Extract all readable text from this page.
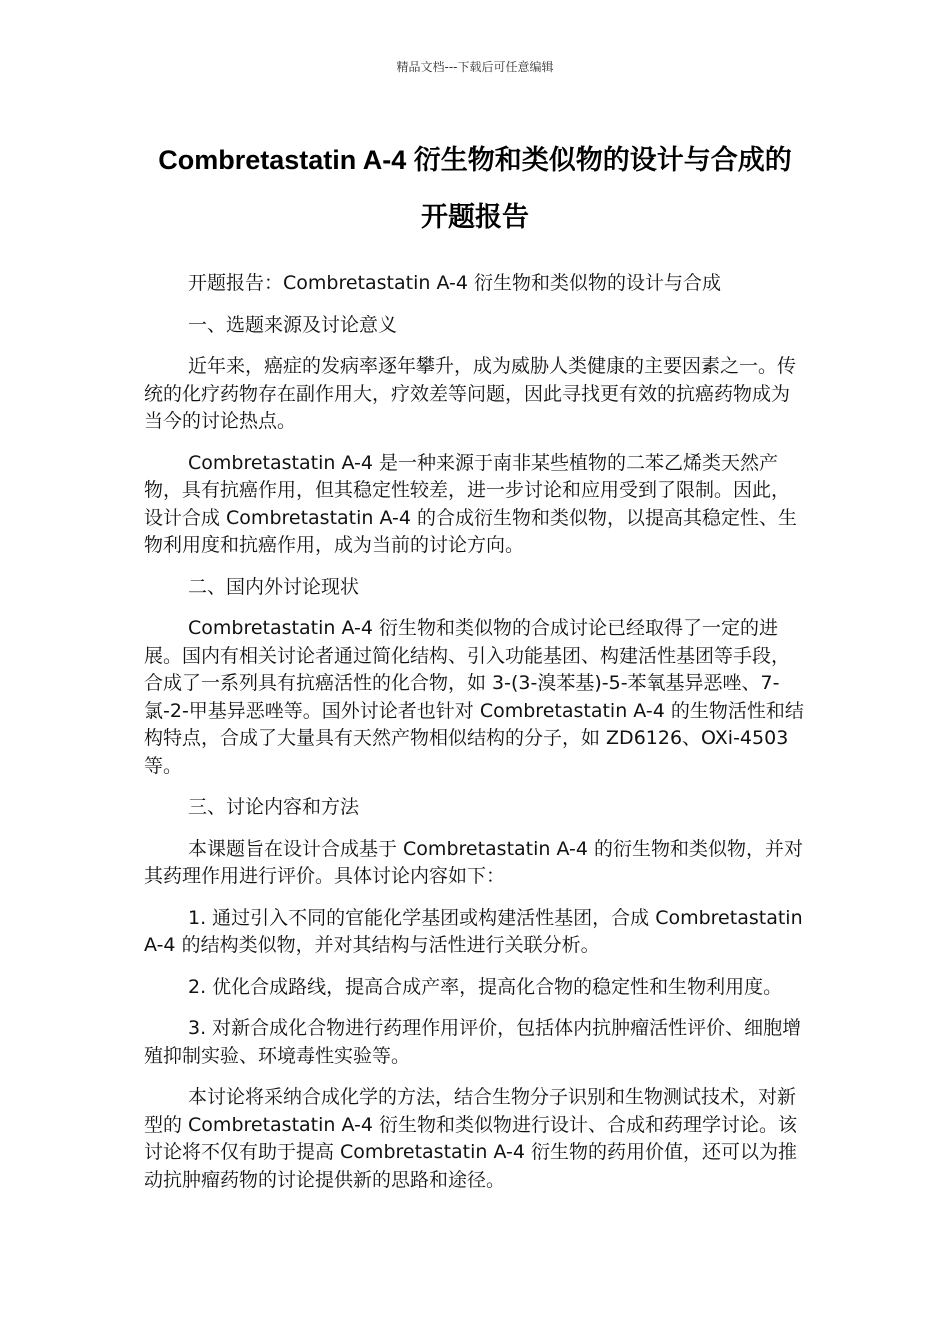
精品文档---下载后可任意编辑
Combretastatin A-4 衍生物和类似物的设计与合成的
开题报告

开题报告：Combretastatin A-4 衍生物和类似物的设计与合成

一、选题来源及讨论意义

近年来，癌症的发病率逐年攀升，成为威胁人类健康的主要因素之一。传统的化疗药物存在副作用大，疗效差等问题，因此寻找更有效的抗癌药物成为当今的讨论热点。

Combretastatin A-4 是一种来源于南非某些植物的二苯乙烯类天然产物，具有抗癌作用，但其稳定性较差，进一步讨论和应用受到了限制。因此，设计合成 Combretastatin A-4 的合成衍生物和类似物，以提高其稳定性、生物利用度和抗癌作用，成为当前的讨论方向。

二、国内外讨论现状

Combretastatin A-4 衍生物和类似物的合成讨论已经取得了一定的进展。国内有相关讨论者通过简化结构、引入功能基团、构建活性基团等手段，合成了一系列具有抗癌活性的化合物，如 3-(3-溴苯基)-5-苯氧基异恶唑、7-氯-2-甲基异恶唑等。国外讨论者也针对 Combretastatin A-4 的生物活性和结构特点，合成了大量具有天然产物相似结构的分子，如 ZD6126、OXi-4503 等。

三、讨论内容和方法

本课题旨在设计合成基于 Combretastatin A-4 的衍生物和类似物，并对其药理作用进行评价。具体讨论内容如下：

1. 通过引入不同的官能化学基团或构建活性基团，合成 Combretastatin A-4 的结构类似物，并对其结构与活性进行关联分析。

2. 优化合成路线，提高合成产率，提高化合物的稳定性和生物利用度。

3. 对新合成化合物进行药理作用评价，包括体内抗肿瘤活性评价、细胞增殖抑制实验、环境毒性实验等。

本讨论将采纳合成化学的方法，结合生物分子识别和生物测试技术，对新型的 Combretastatin A-4 衍生物和类似物进行设计、合成和药理学讨论。该讨论将不仅有助于提高 Combretastatin A-4 衍生物的药用价值，还可以为推动抗肿瘤药物的讨论提供新的思路和途径。
